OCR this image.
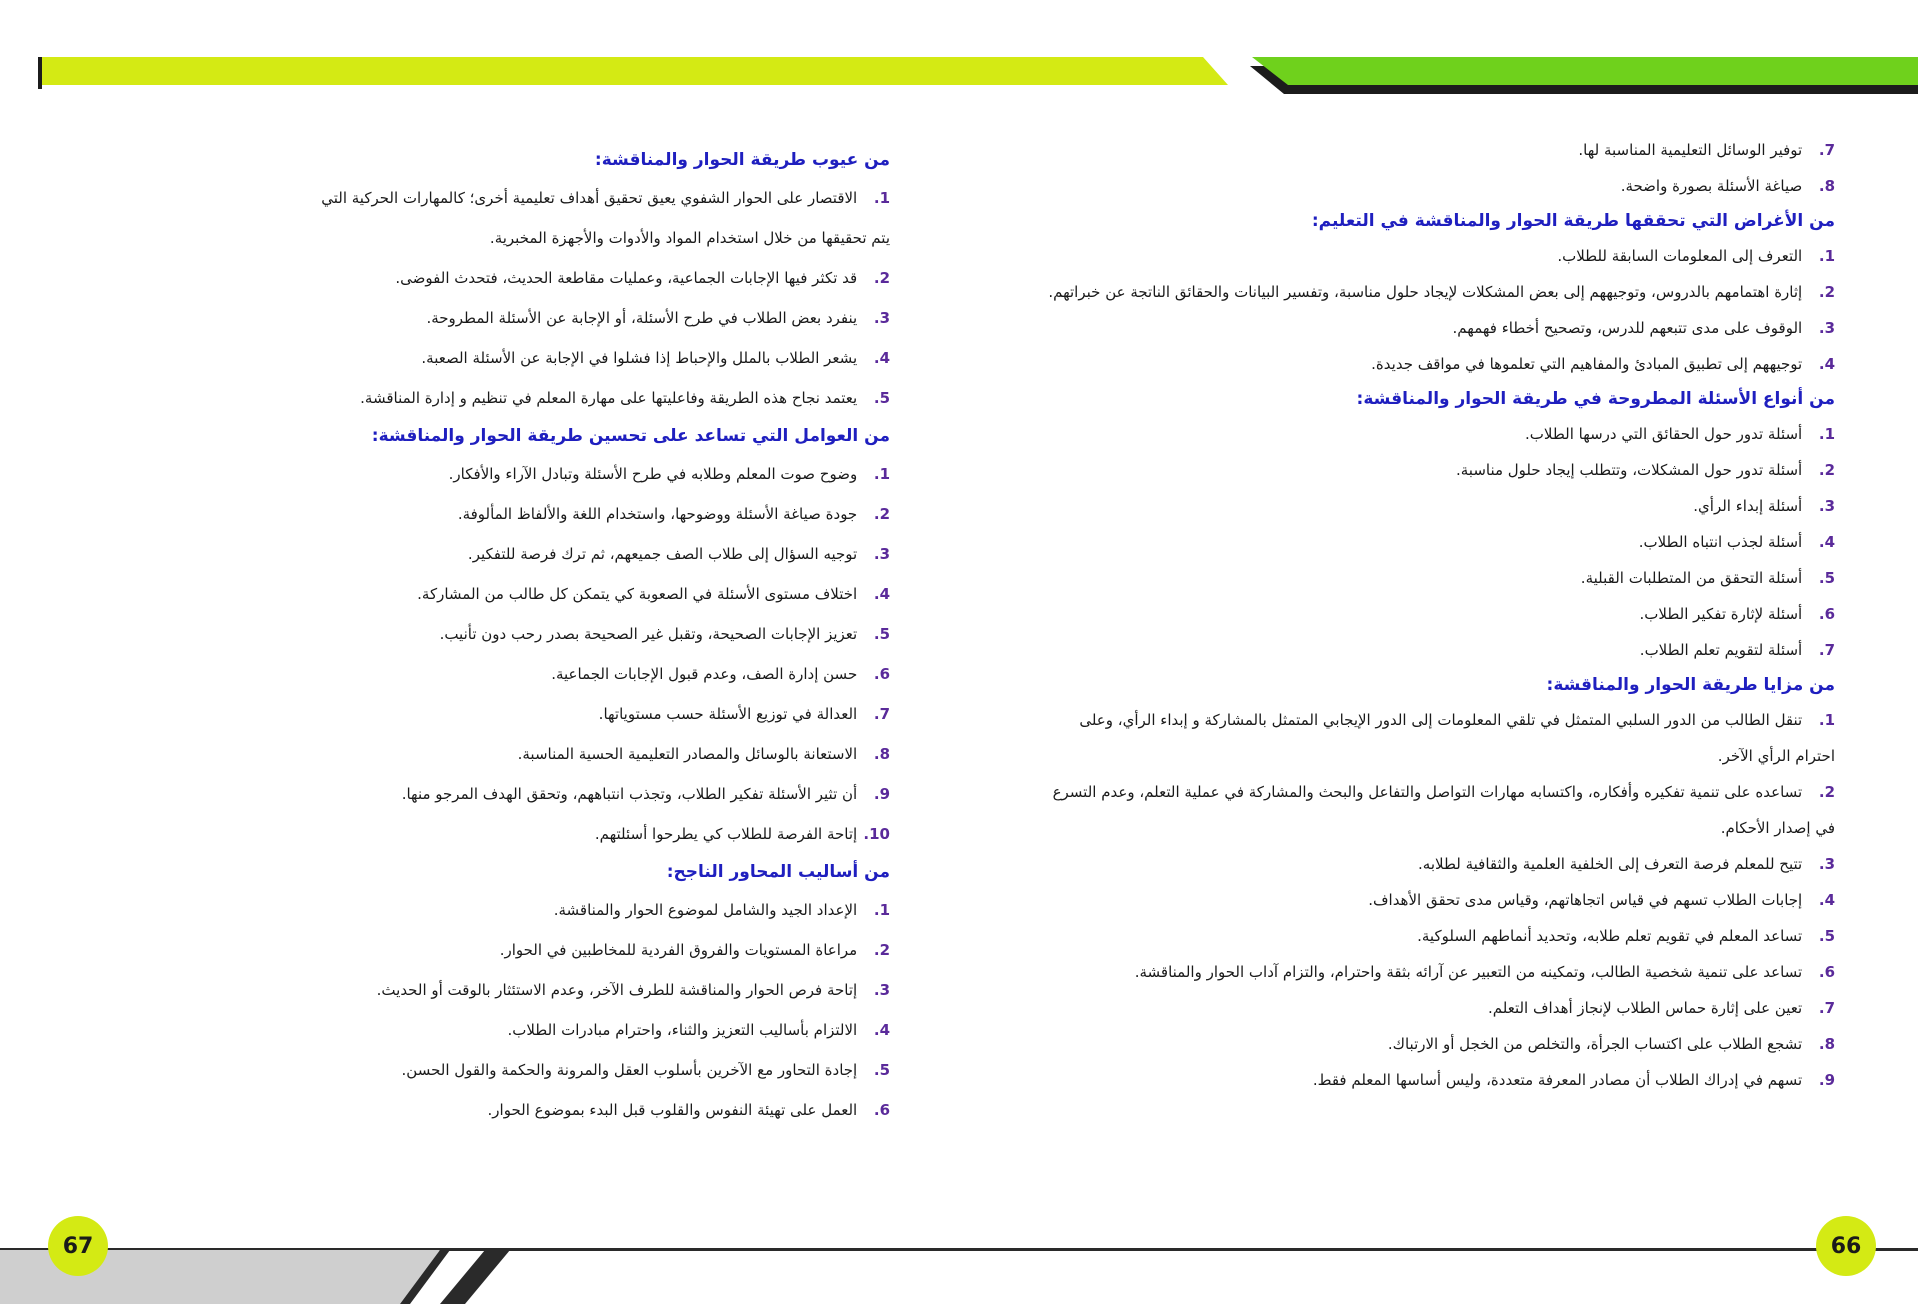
67	66
7 . توفير الوسائل التعليمية المناسبة لها.
8 . صياغة الأسئلة بصورة واضحة.
من الأغراض التي تحققها طريقة الحوار والمناقشة في التعليم:
1 . التعرف إلى المعلومات السابقة للطلاب.
2 . إثارة اهتمامهم بالدروس، وتوجيههم إلى بعض المشكلات لإيجاد حلول مناسبة، وتفسير البيانات والحقائق الناتجة عن خبراتهم.
3 . الوقوف على مدى تتبعهم للدرس، وتصحيح أخطاء فهمهم.
4 . توجيههم إلى تطبيق المبادئ والمفاهيم التي تعلموها في مواقف جديدة.
من أنواع الأسئلة المطروحة في طريقة الحوار والمناقشة:
1 . أسئلة تدور حول الحقائق التي درسها الطلاب.
2 . أسئلة تدور حول المشكلات، وتتطلب إيجاد حلول مناسبة.
3 . أسئلة إبداء الرأي.
4 . أسئلة لجذب انتباه الطلاب.
5 . أسئلة التحقق من المتطلبات القبلية.
6 . أسئلة لإثارة تفكير الطلاب.
7 . أسئلة لتقويم تعلم الطلاب.
من مزايا طريقة الحوار والمناقشة:
1 . تنقل الطالب من الدور السلبي المتمثل في تلقي المعلومات إلى الدور الإيجابي المتمثل بالمشاركة و إبداء الرأي، وعلى احترام الرأي الآخر.
2 . تساعده على تنمية تفكيره وأفكاره، واكتسابه مهارات التواصل والتفاعل والبحث والمشاركة في عملية التعلم، وعدم التسرع في إصدار الأحكام.
3 . تتيح للمعلم فرصة التعرف إلى الخلفية العلمية والثقافية لطلابه.
4 . إجابات الطلاب تسهم في قياس اتجاهاتهم، وقياس مدى تحقق الأهداف.
5 . تساعد المعلم في تقويم تعلم طلابه، وتحديد أنماطهم السلوكية.
6 . تساعد على تنمية شخصية الطالب، وتمكينه من التعبير عن آرائه بثقة واحترام، والتزام آداب الحوار والمناقشة.
7 . تعين على إثارة حماس الطلاب لإنجاز أهداف التعلم.
8 . تشجع الطلاب على اكتساب الجرأة، والتخلص من الخجل أو الارتباك.
9 . تسهم في إدراك الطلاب أن مصادر المعرفة متعددة، وليس أساسها المعلم فقط.
من عيوب طريقة الحوار والمناقشة:
1 . الاقتصار على الحوار الشفوي يعيق تحقيق أهداف تعليمية أخرى؛ كالمهارات الحركية التي يتم تحقيقها من خلال استخدام المواد والأدوات والأجهزة المخبرية.
2 . قد تكثر فيها الإجابات الجماعية، وعمليات مقاطعة الحديث، فتحدث الفوضى.
3 . ينفرد بعض الطلاب في طرح الأسئلة، أو الإجابة عن الأسئلة المطروحة.
4 . يشعر الطلاب بالملل والإحباط إذا فشلوا في الإجابة عن الأسئلة الصعبة.
5 . يعتمد نجاح هذه الطريقة وفاعليتها على مهارة المعلم في تنظيم و إدارة المناقشة.
من العوامل التي تساعد على تحسين طريقة الحوار والمناقشة:
1 . وضوح صوت المعلم وطلابه في طرح الأسئلة وتبادل الآراء والأفكار.
2 . جودة صياغة الأسئلة ووضوحها، واستخدام اللغة والألفاظ المألوفة.
3 . توجيه السؤال إلى طلاب الصف جميعهم، ثم ترك فرصة للتفكير.
4 . اختلاف مستوى الأسئلة في الصعوبة كي يتمكن كل طالب من المشاركة.
5 . تعزيز الإجابات الصحيحة، وتقبل غير الصحيحة بصدر رحب دون تأنيب.
6 . حسن إدارة الصف، وعدم قبول الإجابات الجماعية.
7 . العدالة في توزيع الأسئلة حسب مستوياتها.
8 . الاستعانة بالوسائل والمصادر التعليمية الحسية المناسبة.
9 . أن تثير الأسئلة تفكير الطلاب، وتجذب انتباههم، وتحقق الهدف المرجو منها.
10 . إتاحة الفرصة للطلاب كي يطرحوا أسئلتهم.
من أساليب المحاور الناجح:
1 . الإعداد الجيد والشامل لموضوع الحوار والمناقشة.
2 . مراعاة المستويات والفروق الفردية للمخاطبين في الحوار.
3 . إتاحة فرص الحوار والمناقشة للطرف الآخر، وعدم الاستئثار بالوقت أو الحديث.
4 . الالتزام بأساليب التعزيز والثناء، واحترام مبادرات الطلاب.
5 . إجادة التحاور مع الآخرين بأسلوب العقل والمرونة والحكمة والقول الحسن.
6 . العمل على تهيئة النفوس والقلوب قبل البدء بموضوع الحوار.
